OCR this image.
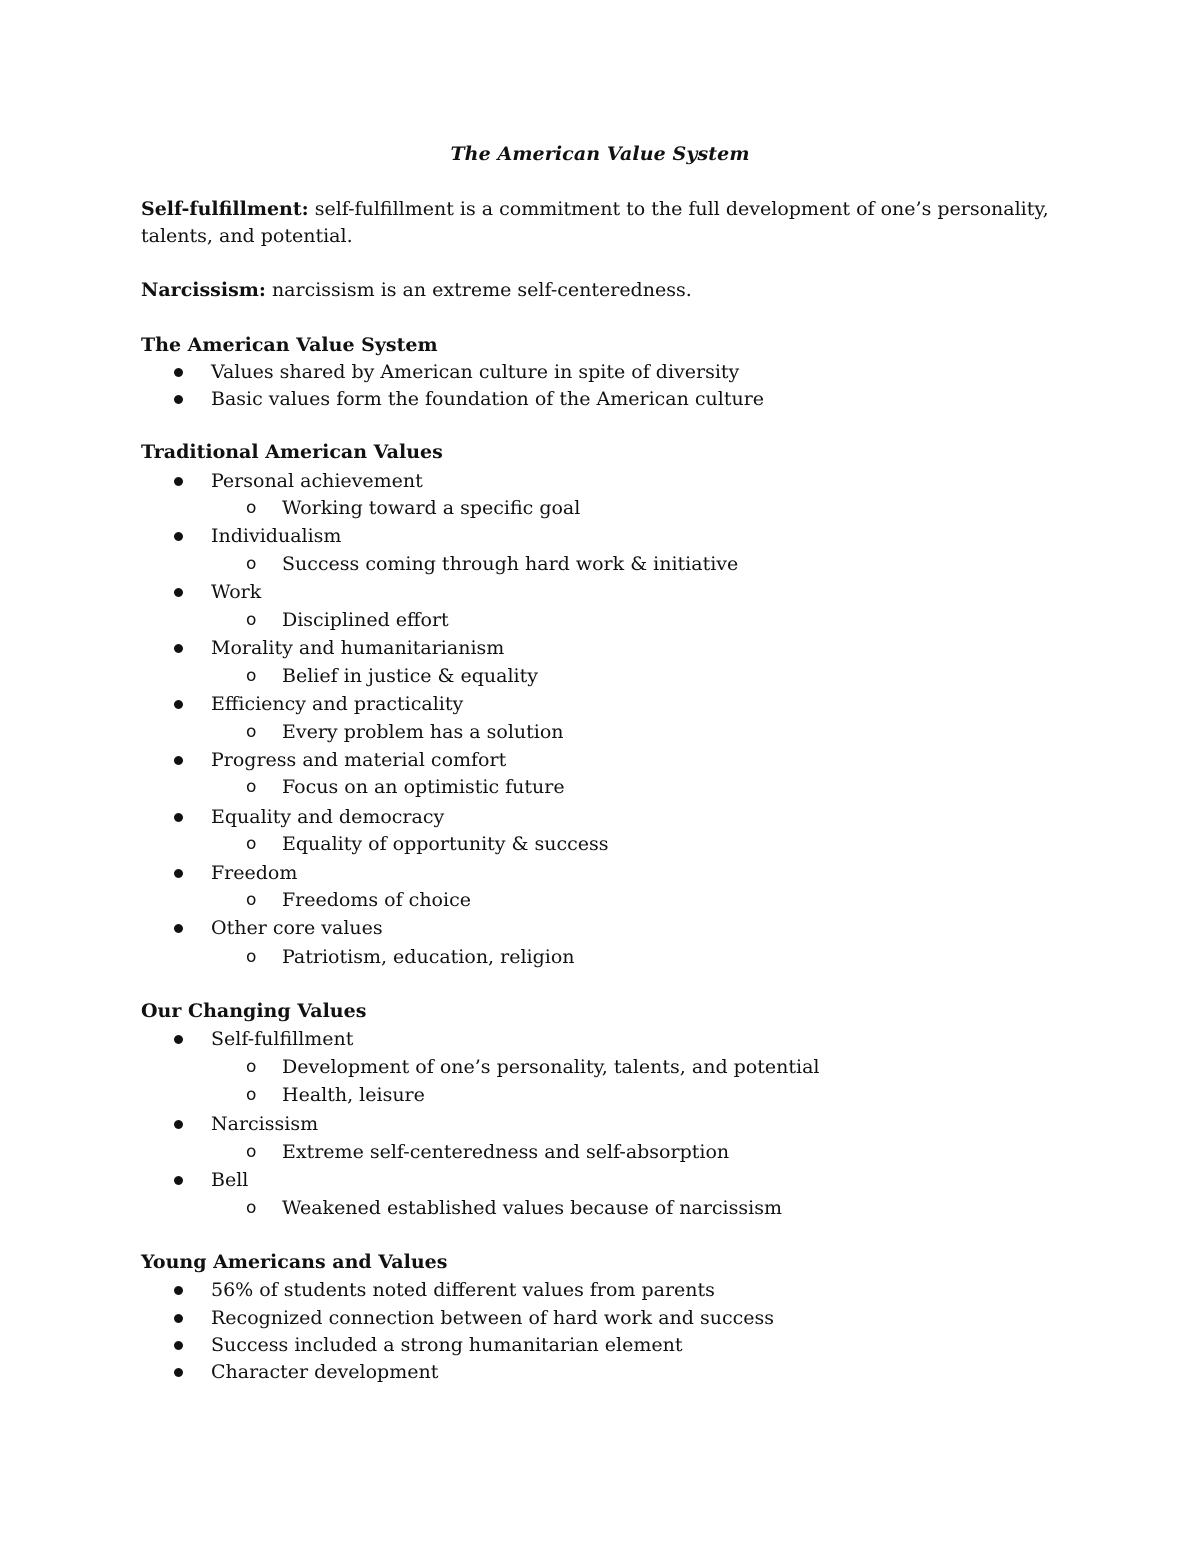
The American Value System

Self-fulfillment: self-fulfillment is a commitment to the full development of one’s personality, talents, and potential.

Narcissism: narcissism is an extreme self-centeredness.

The American Value System

Values shared by American culture in spite of diversity
Basic values form the foundation of the American culture

Traditional American Values

Personal achievement
o Working toward a specific goal
Individualism
o Success coming through hard work & initiative
Work
o Disciplined effort
Morality and humanitarianism
o Belief in justice & equality
Efficiency and practicality
o Every problem has a solution
Progress and material comfort
o Focus on an optimistic future
Equality and democracy
o Equality of opportunity & success
Freedom
o Freedoms of choice
Other core values
o Patriotism, education, religion

Our Changing Values

Self-fulfillment
o Development of one’s personality, talents, and potential
o Health, leisure
Narcissism
o Extreme self-centeredness and self-absorption
Bell
o Weakened established values because of narcissism

Young Americans and Values

56% of students noted different values from parents
Recognized connection between of hard work and success
Success included a strong humanitarian element
Character development
